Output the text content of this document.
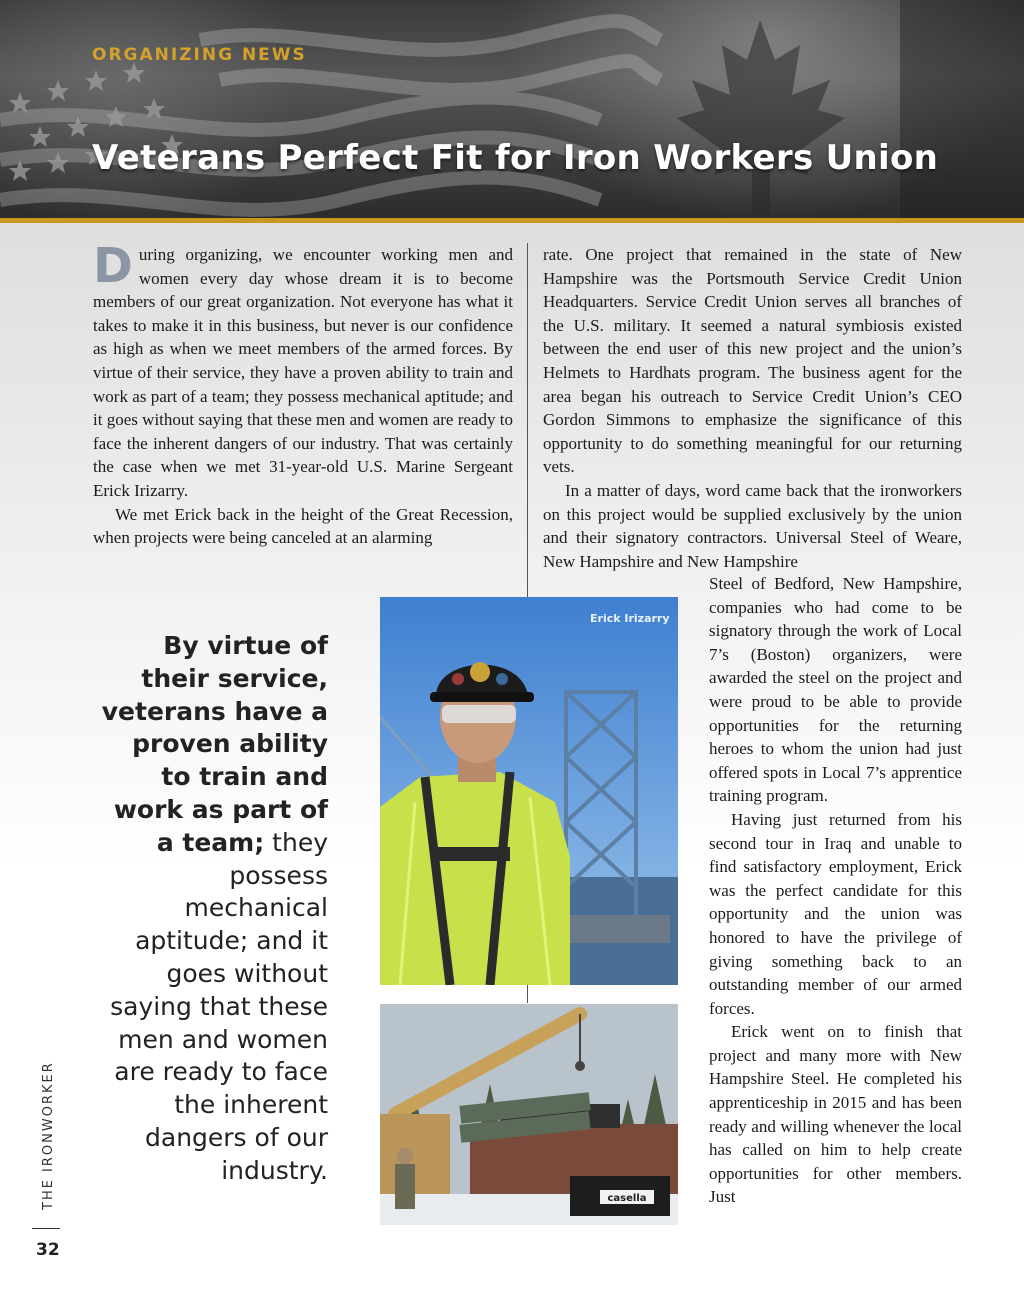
ORGANIZING NEWS
Veterans Perfect Fit for Iron Workers Union

During organizing, we encounter working men and women every day whose dream it is to become members of our great organization. Not everyone has what it takes to make it in this business, but never is our confidence as high as when we meet members of the armed forces. By virtue of their service, they have a proven ability to train and work as part of a team; they possess mechanical aptitude; and it goes without saying that these men and women are ready to face the inherent dangers of our industry. That was certainly the case when we met 31-year-old U.S. Marine Sergeant Erick Irizarry.

We met Erick back in the height of the Great Recession, when projects were being canceled at an alarming

rate. One project that remained in the state of New Hampshire was the Portsmouth Service Credit Union Headquarters. Service Credit Union serves all branches of the U.S. military. It seemed a natural symbiosis existed between the end user of this new project and the union’s Helmets to Hardhats program. The business agent for the area began his outreach to Service Credit Union’s CEO Gordon Simmons to emphasize the significance of this opportunity to do something meaningful for our returning vets.

In a matter of days, word came back that the ironworkers on this project would be supplied exclusively by the union and their signatory contractors. Universal Steel of Weare, New Hampshire and New Hampshire

Steel of Bedford, New Hampshire, companies who had come to be signatory through the work of Local 7’s (Boston) organizers, were awarded the steel on the project and were proud to be able to provide opportunities for the returning heroes to whom the union had just offered spots in Local 7’s apprentice training program.

Having just returned from his second tour in Iraq and unable to find satisfactory employment, Erick was the perfect candidate for this opportunity and the union was honored to have the privilege of giving something back to an outstanding member of our armed forces.

Erick went on to finish that project and many more with New Hampshire Steel. He completed his apprenticeship in 2015 and has been ready and willing whenever the local has called on him to help create opportunities for other members. Just

By virtue of their service, veterans have a proven ability to train and work as part of a team; they possess mechanical aptitude; and it goes without saying that these men and women are ready to face the inherent dangers of our industry.
Erick Irizarry
casella
THE IRONWORKER
32
